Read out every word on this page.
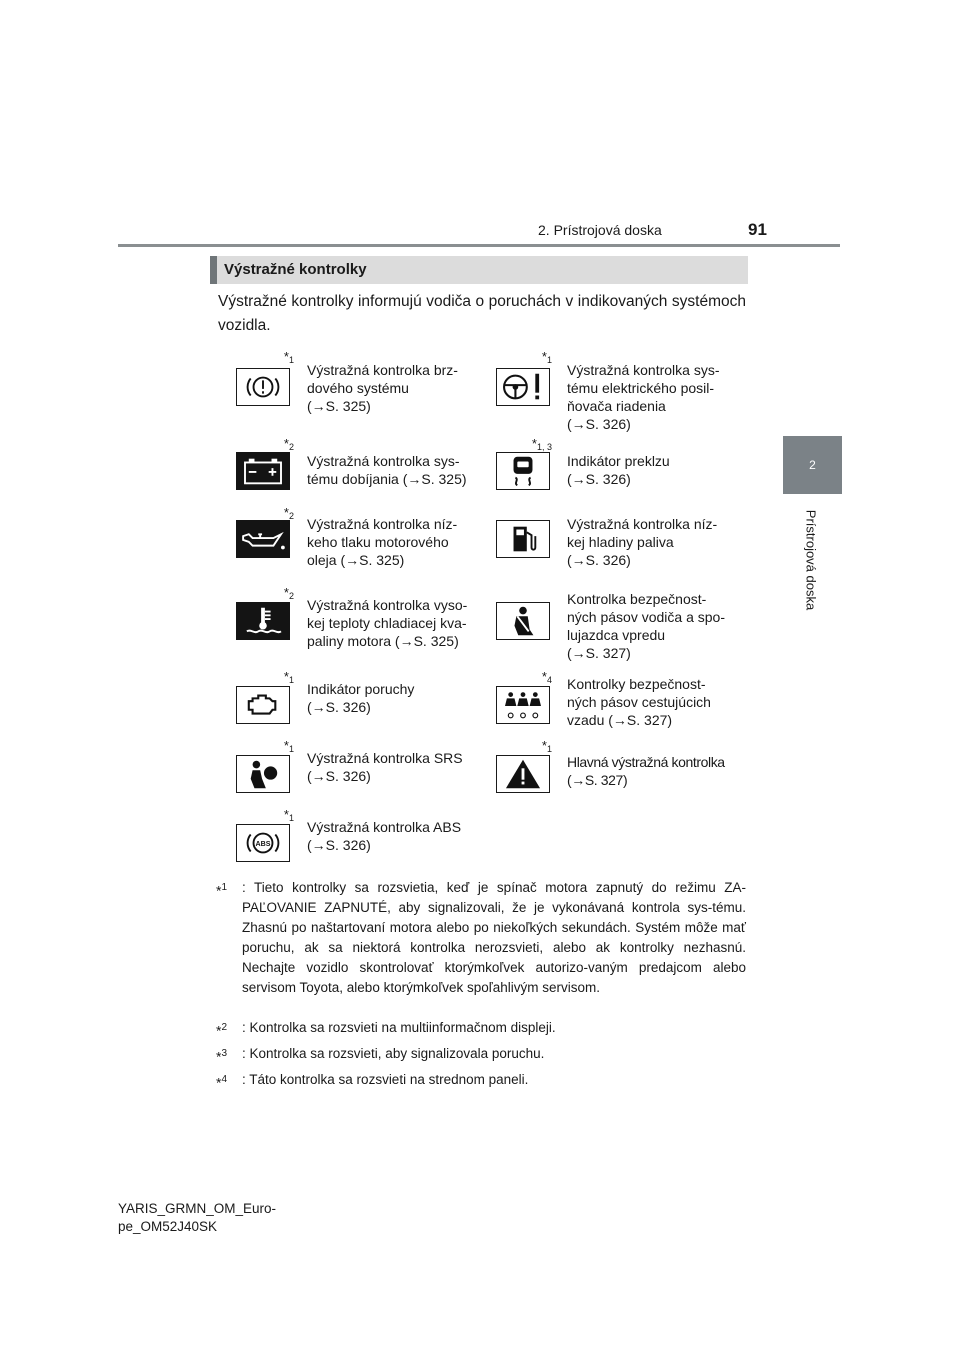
2. Prístrojová doska	91
2
Prístrojová doska
Výstražné kontrolky
Výstražné kontrolky informujú vodiča o poruchách v indikovaných systémoch vozidla.
$*_1$
Výstražná kontrolka brz-
dového systému
(→S. 325)
$*_1$
Výstražná kontrolka sys-
tému elektrického posil-
ňovača riadenia
(→S. 326)
$*_2$
Výstražná kontrolka sys-
tému dobíjania (→S. 325)
$*_{1, 3}$
Indikátor preklzu
(→S. 326)
$*_2$ Výstražná kontrolka níz-
keho tlaku motorového
oleja (→S. 325)
Výstražná kontrolka níz-
kej hladiny paliva
(→S. 326)
$*_2$
Výstražná kontrolka vyso-
kej teploty chladiacej kva-
paliny motora (→S. 325)
Kontrolka bezpečnost-
ných pásov vodiča a spo-
lujazdca vpredu
(→S. 327)
$*_1$
Indikátor poruchy
(→S. 326)
$*_4$ Kontrolky bezpečnost-
ných pásov cestujúcich
vzadu (→S. 327)
$*_1$
Výstražná kontrolka SRS
(→S. 326)
$*_1$
Hlavná výstražná kontrolka
(→S. 327)
ABS
$*_1$
Výstražná kontrolka ABS
(→S. 326)
*$^1$ : Tieto kontrolky sa rozsvietia, keď je spínač motora zapnutý do režimu ZA-PAĽOVANIE ZAPNUTÉ, aby signalizovali, že je vykonávaná kontrola sys-tému. Zhasnú po naštartovaní motora alebo po niekoľkých sekundách. Systém môže mať poruchu, ak sa niektorá kontrolka nerozsvieti, alebo ak kontrolky nezhasnú. Nechajte vozidlo skontrolovať ktorýmkoľvek autorizo-vaným predajcom alebo servisom Toyota, alebo ktorýmkoľvek spoľahlivým servisom.
*$^2$ : Kontrolka sa rozsvieti na multiinformačnom displeji.
*$^3$ : Kontrolka sa rozsvieti, aby signalizovala poruchu.
*$^4$ : Táto kontrolka sa rozsvieti na strednom paneli.
YARIS_GRMN_OM_Euro-
pe_OM52J40SK
